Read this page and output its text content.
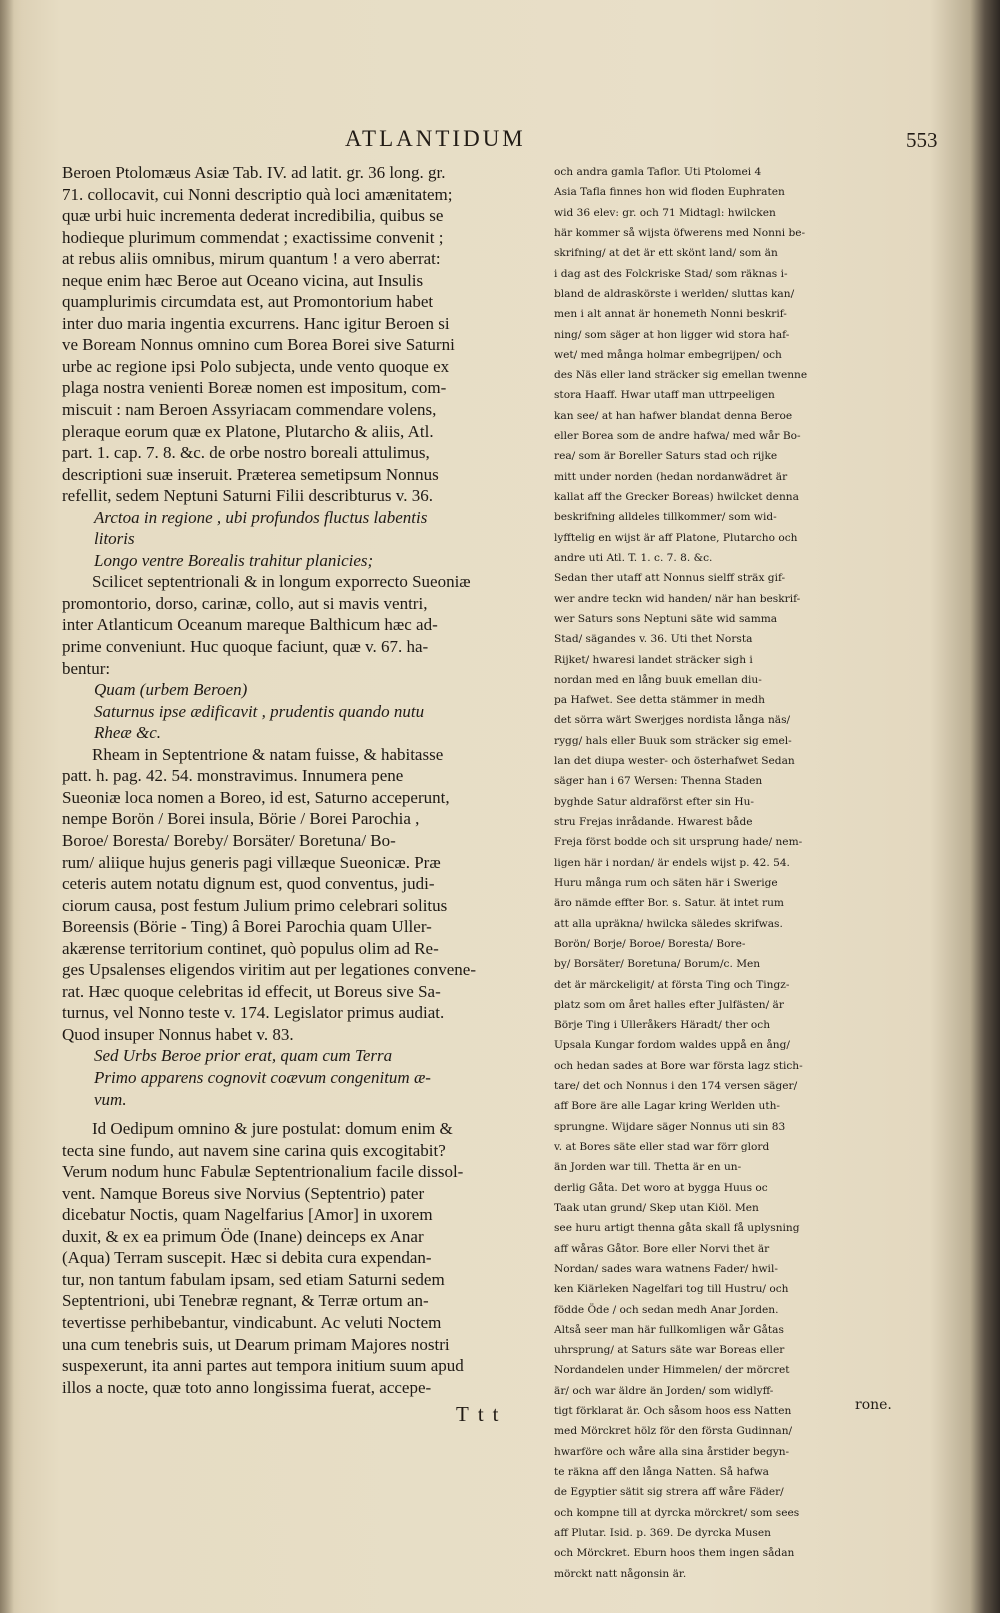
ATLANTIDUM	553
Beroen Ptolomæus Asiæ Tab. IV. ad latit. gr. 36 long. gr.
71. collocavit, cui Nonni descriptio quà loci amænitatem;
quæ urbi huic incrementa dederat incredibilia, quibus se
hodieque plurimum commendat ; exactissime convenit ;
at rebus aliis omnibus, mirum quantum ! a vero aberrat:
neque enim hæc Beroe aut Oceano vicina, aut Insulis
quamplurimis circumdata est, aut Promontorium habet
inter duo maria ingentia excurrens. Hanc igitur Beroen si
ve Boream Nonnus omnino cum Borea Borei sive Saturni
urbe ac regione ipsi Polo subjecta, unde vento quoque ex
plaga nostra venienti Boreæ nomen est impositum, com-
miscuit : nam Beroen Assyriacam commendare volens,
pleraque eorum quæ ex Platone, Plutarcho & aliis, Atl.
part. 1. cap. 7. 8. &c. de orbe nostro boreali attulimus,
descriptioni suæ inseruit. Præterea semetipsum Nonnus
refellit, sedem Neptuni Saturni Filii describturus v. 36.
Arctoa in regione , ubi profundos fluctus labentis
litoris
Longo ventre Borealis trahitur planicies;
Scilicet septentrionali & in longum exporrecto Sueoniæ
promontorio, dorso, carinæ, collo, aut si mavis ventri,
inter Atlanticum Oceanum mareque Balthicum hæc ad-
prime conveniunt. Huc quoque faciunt, quæ v. 67. ha-
bentur:
Quam (urbem Beroen)
Saturnus ipse ædificavit , prudentis quando nutu
Rheæ &c.
Rheam in Septentrione & natam fuisse, & habitasse
patt. h. pag. 42. 54. monstravimus. Innumera pene
Sueoniæ loca nomen a Boreo, id est, Saturno acceperunt,
nempe Borön / Borei insula, Börie / Borei Parochia ,
Boroe/ Boresta/ Boreby/ Borsäter/ Boretuna/ Bo-
rum/ aliique hujus generis pagi villæque Sueonicæ. Præ
ceteris autem notatu dignum est, quod conventus, judi-
ciorum causa, post festum Julium primo celebrari solitus
Boreensis (Börie - Ting) â Borei Parochia quam Uller-
akærense territorium continet, quò populus olim ad Re-
ges Upsalenses eligendos viritim aut per legationes convene-
rat. Hæc quoque celebritas id effecit, ut Boreus sive Sa-
turnus, vel Nonno teste v. 174. Legislator primus audiat.
Quod insuper Nonnus habet v. 83.
Sed Urbs Beroe prior erat, quam cum Terra
Primo apparens cognovit coævum congenitum æ-
vum.
Id Oedipum omnino & jure postulat: domum enim &
tecta sine fundo, aut navem sine carina quis excogitabit?
Verum nodum hunc Fabulæ Septentrionalium facile dissol-
vent. Namque Boreus sive Norvius (Septentrio) pater
dicebatur Noctis, quam Nagelfarius [Amor] in uxorem
duxit, & ex ea primum Öde (Inane) deinceps ex Anar
(Aqua) Terram suscepit. Hæc si debita cura expendan-
tur, non tantum fabulam ipsam, sed etiam Saturni sedem
Septentrioni, ubi Tenebræ regnant, & Terræ ortum an-
tevertisse perhibebantur, vindicabunt. Ac veluti Noctem
una cum tenebris suis, ut Dearum primam Majores nostri
suspexerunt, ita anni partes aut tempora initium suum apud
illos a nocte, quæ toto anno longissima fuerat, accepe-
och andra gamla Taflor. Uti Ptolomei 4
Asia Tafla finnes hon wid floden Euphraten
wid 36 elev: gr. och 71 Midtagl: hwilcken
här kommer så wijsta öfwerens med Nonni be-
skrifning/ at det är ett skönt land/ som än
i dag ast des Folckriske Stad/ som räknas i-
bland de aldraskörste i werlden/ sluttas kan/
men i alt annat är honemeth Nonni beskrif-
ning/ som säger at hon ligger wid stora haf-
wet/ med många holmar embegrijpen/ och
des Näs eller land sträcker sig emellan twenne
stora Haaff. Hwar utaff man uttrpeeligen
kan see/ at han hafwer blandat denna Beroe
eller Borea som de andre hafwa/ med wår Bo-
rea/ som är Boreller Saturs stad och rijke
mitt under norden (hedan nordanwädret är
kallat aff the Grecker Boreas) hwilcket denna
beskrifning alldeles tillkommer/ som wid-
lyfftelig en wijst är aff Platone, Plutarcho och
andre uti Atl. T. 1. c. 7. 8. &c.
Sedan ther utaff att Nonnus sielff sträx gif-
wer andre teckn wid handen/ när han beskrif-
wer Saturs sons Neptuni säte wid samma
Stad/ sägandes v. 36. Uti thet Norsta
Rijket/ hwaresi landet sträcker sigh i
nordan med en lång buuk emellan diu-
pa Hafwet. See detta stämmer in medh
det sörra wärt Swerjges nordista långa näs/
rygg/ hals eller Buuk som sträcker sig emel-
lan det diupa wester- och österhafwet Sedan
säger han i 67 Wersen: Thenna Staden
byghde Satur aldraförst efter sin Hu-
stru Frejas inrådande. Hwarest både
Freja först bodde och sit ursprung hade/ nem-
ligen här i nordan/ är endels wijst p. 42. 54.
Huru många rum och säten här i Swerige
äro nämde effter Bor. s. Satur. ät intet rum
att alla upräkna/ hwilcka säledes skrifwas.
Borön/ Borje/ Boroe/ Boresta/ Bore-
by/ Borsäter/ Boretuna/ Borum/c. Men
det är märckeligit/ at första Ting och Tingz-
platz som om året halles efter Julfästen/ är
Börje Ting i Ulleråkers Häradt/ ther och
Upsala Kungar fordom waldes uppå en ång/
och hedan sades at Bore war första lagz stich-
tare/ det och Nonnus i den 174 versen säger/
aff Bore äre alle Lagar kring Werlden uth-
sprungne. Wijdare säger Nonnus uti sin 83
v. at Bores säte eller stad war förr glord
än Jorden war till. Thetta är en un-
derlig Gåta. Det woro at bygga Huus oc
Taak utan grund/ Skep utan Kiöl. Men
see huru artigt thenna gåta skall få uplysning
aff wåras Gåtor. Bore eller Norvi thet är
Nordan/ sades wara watnens Fader/ hwil-
ken Kiärleken Nagelfari tog till Hustru/ och
födde Öde / och sedan medh Anar Jorden.
Altså seer man här fullkomligen wår Gåtas
uhrsprung/ at Saturs säte war Boreas eller
Nordandelen under Himmelen/ der mörcret
är/ och war äldre än Jorden/ som widlyff-
tigt förklarat är. Och såsom hoos ess Natten
med Mörckret hölz för den första Gudinnan/
hwarföre och wåre alla sina årstider begyn-
te räkna aff den långa Natten. Så hafwa
de Egyptier sätit sig strera aff wåre Fäder/
och kompne till at dyrcka mörckret/ som sees
aff Plutar. Isid. p. 369. De dyrcka Musen
och Mörckret. Eburn hoos them ingen sådan
mörckt natt någonsin är.
Ttt	rone.
